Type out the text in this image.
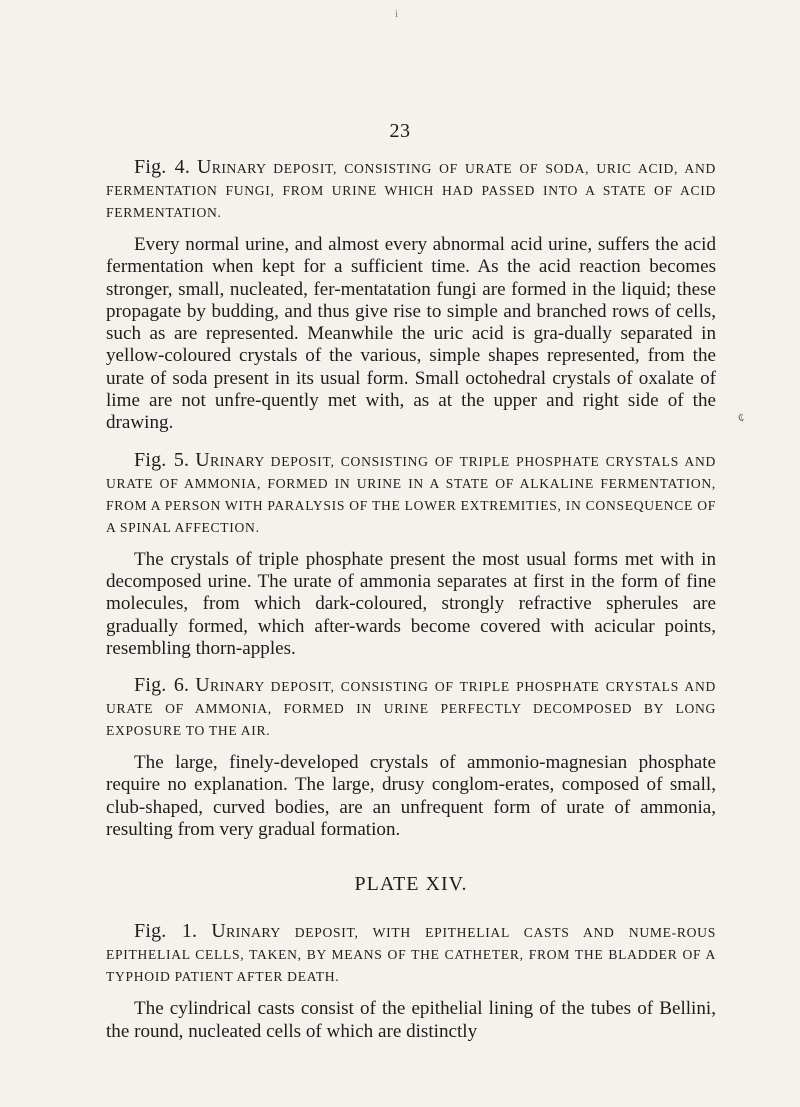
i
23
¢

Fig. 4. Urinary DEPOSIT, CONSISTING OF URATE OF SODA, URIC ACID, AND FERMENTATION FUNGI, FROM URINE WHICH HAD PASSED INTO A STATE OF ACID FERMENTATION.

Every normal urine, and almost every abnormal acid urine, suffers the acid fermentation when kept for a sufficient time. As the acid reaction becomes stronger, small, nucleated, fer-mentatation fungi are formed in the liquid; these propagate by budding, and thus give rise to simple and branched rows of cells, such as are represented. Meanwhile the uric acid is gra-dually separated in yellow-coloured crystals of the various, simple shapes represented, from the urate of soda present in its usual form. Small octohedral crystals of oxalate of lime are not unfre-quently met with, as at the upper and right side of the drawing.

Fig. 5. Urinary DEPOSIT, CONSISTING OF TRIPLE PHOSPHATE CRYSTALS AND URATE OF AMMONIA, FORMED IN URINE IN A STATE OF ALKALINE FERMENTATION, FROM A PERSON WITH PARALYSIS OF THE LOWER EXTREMITIES, IN CONSEQUENCE OF A SPINAL AFFECTION.

The crystals of triple phosphate present the most usual forms met with in decomposed urine. The urate of ammonia separates at first in the form of fine molecules, from which dark-coloured, strongly refractive spherules are gradually formed, which after-wards become covered with acicular points, resembling thorn-apples.

Fig. 6. Urinary DEPOSIT, CONSISTING OF TRIPLE PHOSPHATE CRYSTALS AND URATE OF AMMONIA, FORMED IN URINE PERFECTLY DECOMPOSED BY LONG EXPOSURE TO THE AIR.

The large, finely-developed crystals of ammonio-magnesian phosphate require no explanation. The large, drusy conglom-erates, composed of small, club-shaped, curved bodies, are an unfrequent form of urate of ammonia, resulting from very gradual formation.

PLATE XIV.

Fig. 1. Urinary DEPOSIT, WITH EPITHELIAL CASTS AND NUME-ROUS EPITHELIAL CELLS, TAKEN, BY MEANS OF THE CATHETER, FROM THE BLADDER OF A TYPHOID PATIENT AFTER DEATH.

The cylindrical casts consist of the epithelial lining of the tubes of Bellini, the round, nucleated cells of which are distinctly
